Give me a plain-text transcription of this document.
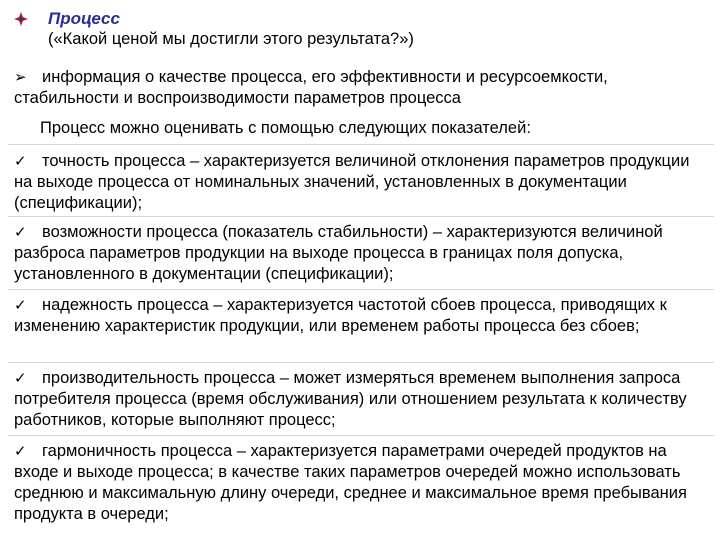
Процесс
(«Какой ценой мы достигли этого результата?»)
➢ информация о качестве процесса, его эффективности и ресурсоемкости, стабильности и воспроизводимости параметров процесса
Процесс можно оценивать с помощью следующих показателей:
✓ точность процесса – характеризуется величиной отклонения параметров продукции на выходе процесса от номинальных значений, установленных в документации (спецификации);
✓ возможности процесса (показатель стабильности) – характеризуются величиной разброса параметров продукции на выходе процесса в границах поля допуска, установленного в документации (спецификации);
✓ надежность процесса – характеризуется частотой сбоев процесса, приводящих к изменению характеристик продукции, или временем работы процесса без сбоев;
✓ производительность процесса – может измеряться временем выполнения запроса потребителя процесса (время обслуживания) или отношением результата к количеству работников, которые выполняют процесс;
✓ гармоничность процесса – характеризуется параметрами очередей продуктов на входе и выходе процесса; в качестве таких параметров очередей можно использовать среднюю и максимальную длину очереди, среднее и максимальное время пребывания продукта в очереди;
